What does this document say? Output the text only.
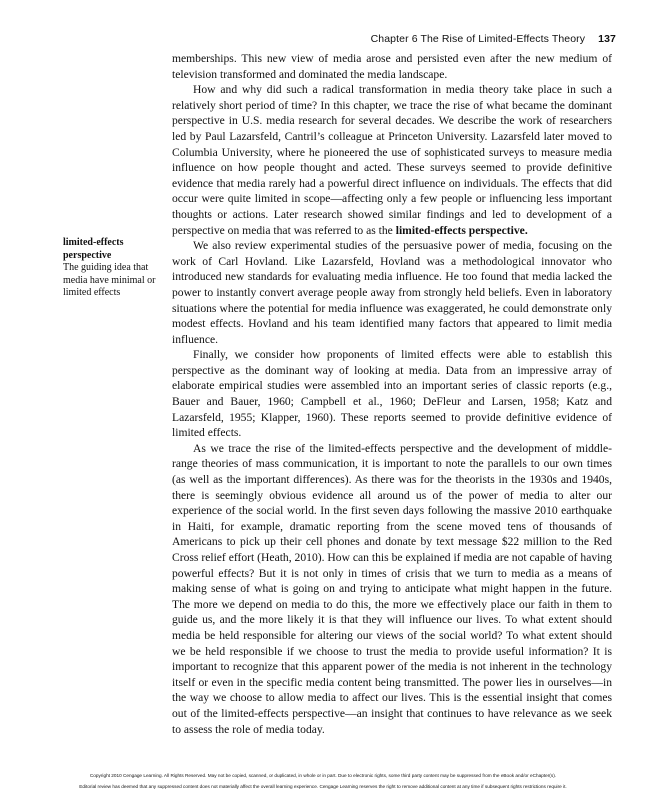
Chapter 6 The Rise of Limited-Effects Theory 137
limited-effects perspective
The guiding idea that media have minimal or limited effects

memberships. This new view of media arose and persisted even after the new medium of television transformed and dominated the media landscape.

How and why did such a radical transformation in media theory take place in such a relatively short period of time? In this chapter, we trace the rise of what became the dominant perspective in U.S. media research for several decades. We describe the work of researchers led by Paul Lazarsfeld, Cantril’s colleague at Princeton University. Lazarsfeld later moved to Columbia University, where he pioneered the use of sophisticated surveys to measure media influence on how people thought and acted. These surveys seemed to provide definitive evidence that media rarely had a powerful direct influence on individuals. The effects that did occur were quite limited in scope—affecting only a few people or influencing less important thoughts or actions. Later research showed similar findings and led to development of a perspective on media that was referred to as the limited-effects perspective.

We also review experimental studies of the persuasive power of media, focusing on the work of Carl Hovland. Like Lazarsfeld, Hovland was a methodological innovator who introduced new standards for evaluating media influence. He too found that media lacked the power to instantly convert average people away from strongly held beliefs. Even in laboratory situations where the potential for media influence was exaggerated, he could demonstrate only modest effects. Hovland and his team identified many factors that appeared to limit media influence.

Finally, we consider how proponents of limited effects were able to establish this perspective as the dominant way of looking at media. Data from an impressive array of elaborate empirical studies were assembled into an important series of classic reports (e.g., Bauer and Bauer, 1960; Campbell et al., 1960; DeFleur and Larsen, 1958; Katz and Lazarsfeld, 1955; Klapper, 1960). These reports seemed to provide definitive evidence of limited effects.

As we trace the rise of the limited-effects perspective and the development of middle-range theories of mass communication, it is important to note the parallels to our own times (as well as the important differences). As there was for the theorists in the 1930s and 1940s, there is seemingly obvious evidence all around us of the power of media to alter our experience of the social world. In the first seven days following the massive 2010 earthquake in Haiti, for example, dramatic reporting from the scene moved tens of thousands of Americans to pick up their cell phones and donate by text message $22 million to the Red Cross relief effort (Heath, 2010). How can this be explained if media are not capable of having powerful effects? But it is not only in times of crisis that we turn to media as a means of making sense of what is going on and trying to anticipate what might happen in the future. The more we depend on media to do this, the more we effectively place our faith in them to guide us, and the more likely it is that they will influence our lives. To what extent should media be held responsible for altering our views of the social world? To what extent should we be held responsible if we choose to trust the media to provide useful information? It is important to recognize that this apparent power of the media is not inherent in the technology itself or even in the specific media content being transmitted. The power lies in ourselves—in the way we choose to allow media to affect our lives. This is the essential insight that comes out of the limited-effects perspective—an insight that continues to have relevance as we seek to assess the role of media today.

Copyright 2010 Cengage Learning. All Rights Reserved. May not be copied, scanned, or duplicated, in whole or in part. Due to electronic rights, some third party content may be suppressed from the eBook and/or eChapter(s).
Editorial review has deemed that any suppressed content does not materially affect the overall learning experience. Cengage Learning reserves the right to remove additional content at any time if subsequent rights restrictions require it.
